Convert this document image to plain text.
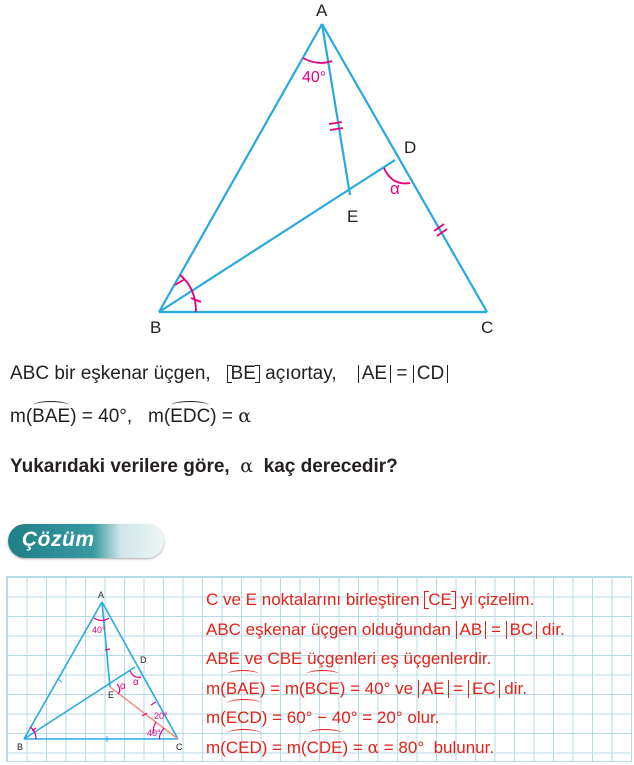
40°
α
A
B	C
D
E
ABC bir eşkenar üçgen, BE açıortay, AE = CD
m(BAE) = 40°,   m(EDC) = α
Yukarıdaki verilere göre, α kaç derecedir?
Çözüm
A
B	C
D
E
40°
α α
20°
40°
C ve E noktalarını birleştiren CE yi çizelim.
ABC eşkenar üçgen olduğundan AB = BC dir.
ABE ve CBE üçgenleri eş üçgenlerdir.
m(BAE) = m(BCE) = 40° ve AE = EC dir.
m(ECD) = 60° − 40° = 20° olur.
m(CED) = m(CDE) = α = 80°  bulunur.
